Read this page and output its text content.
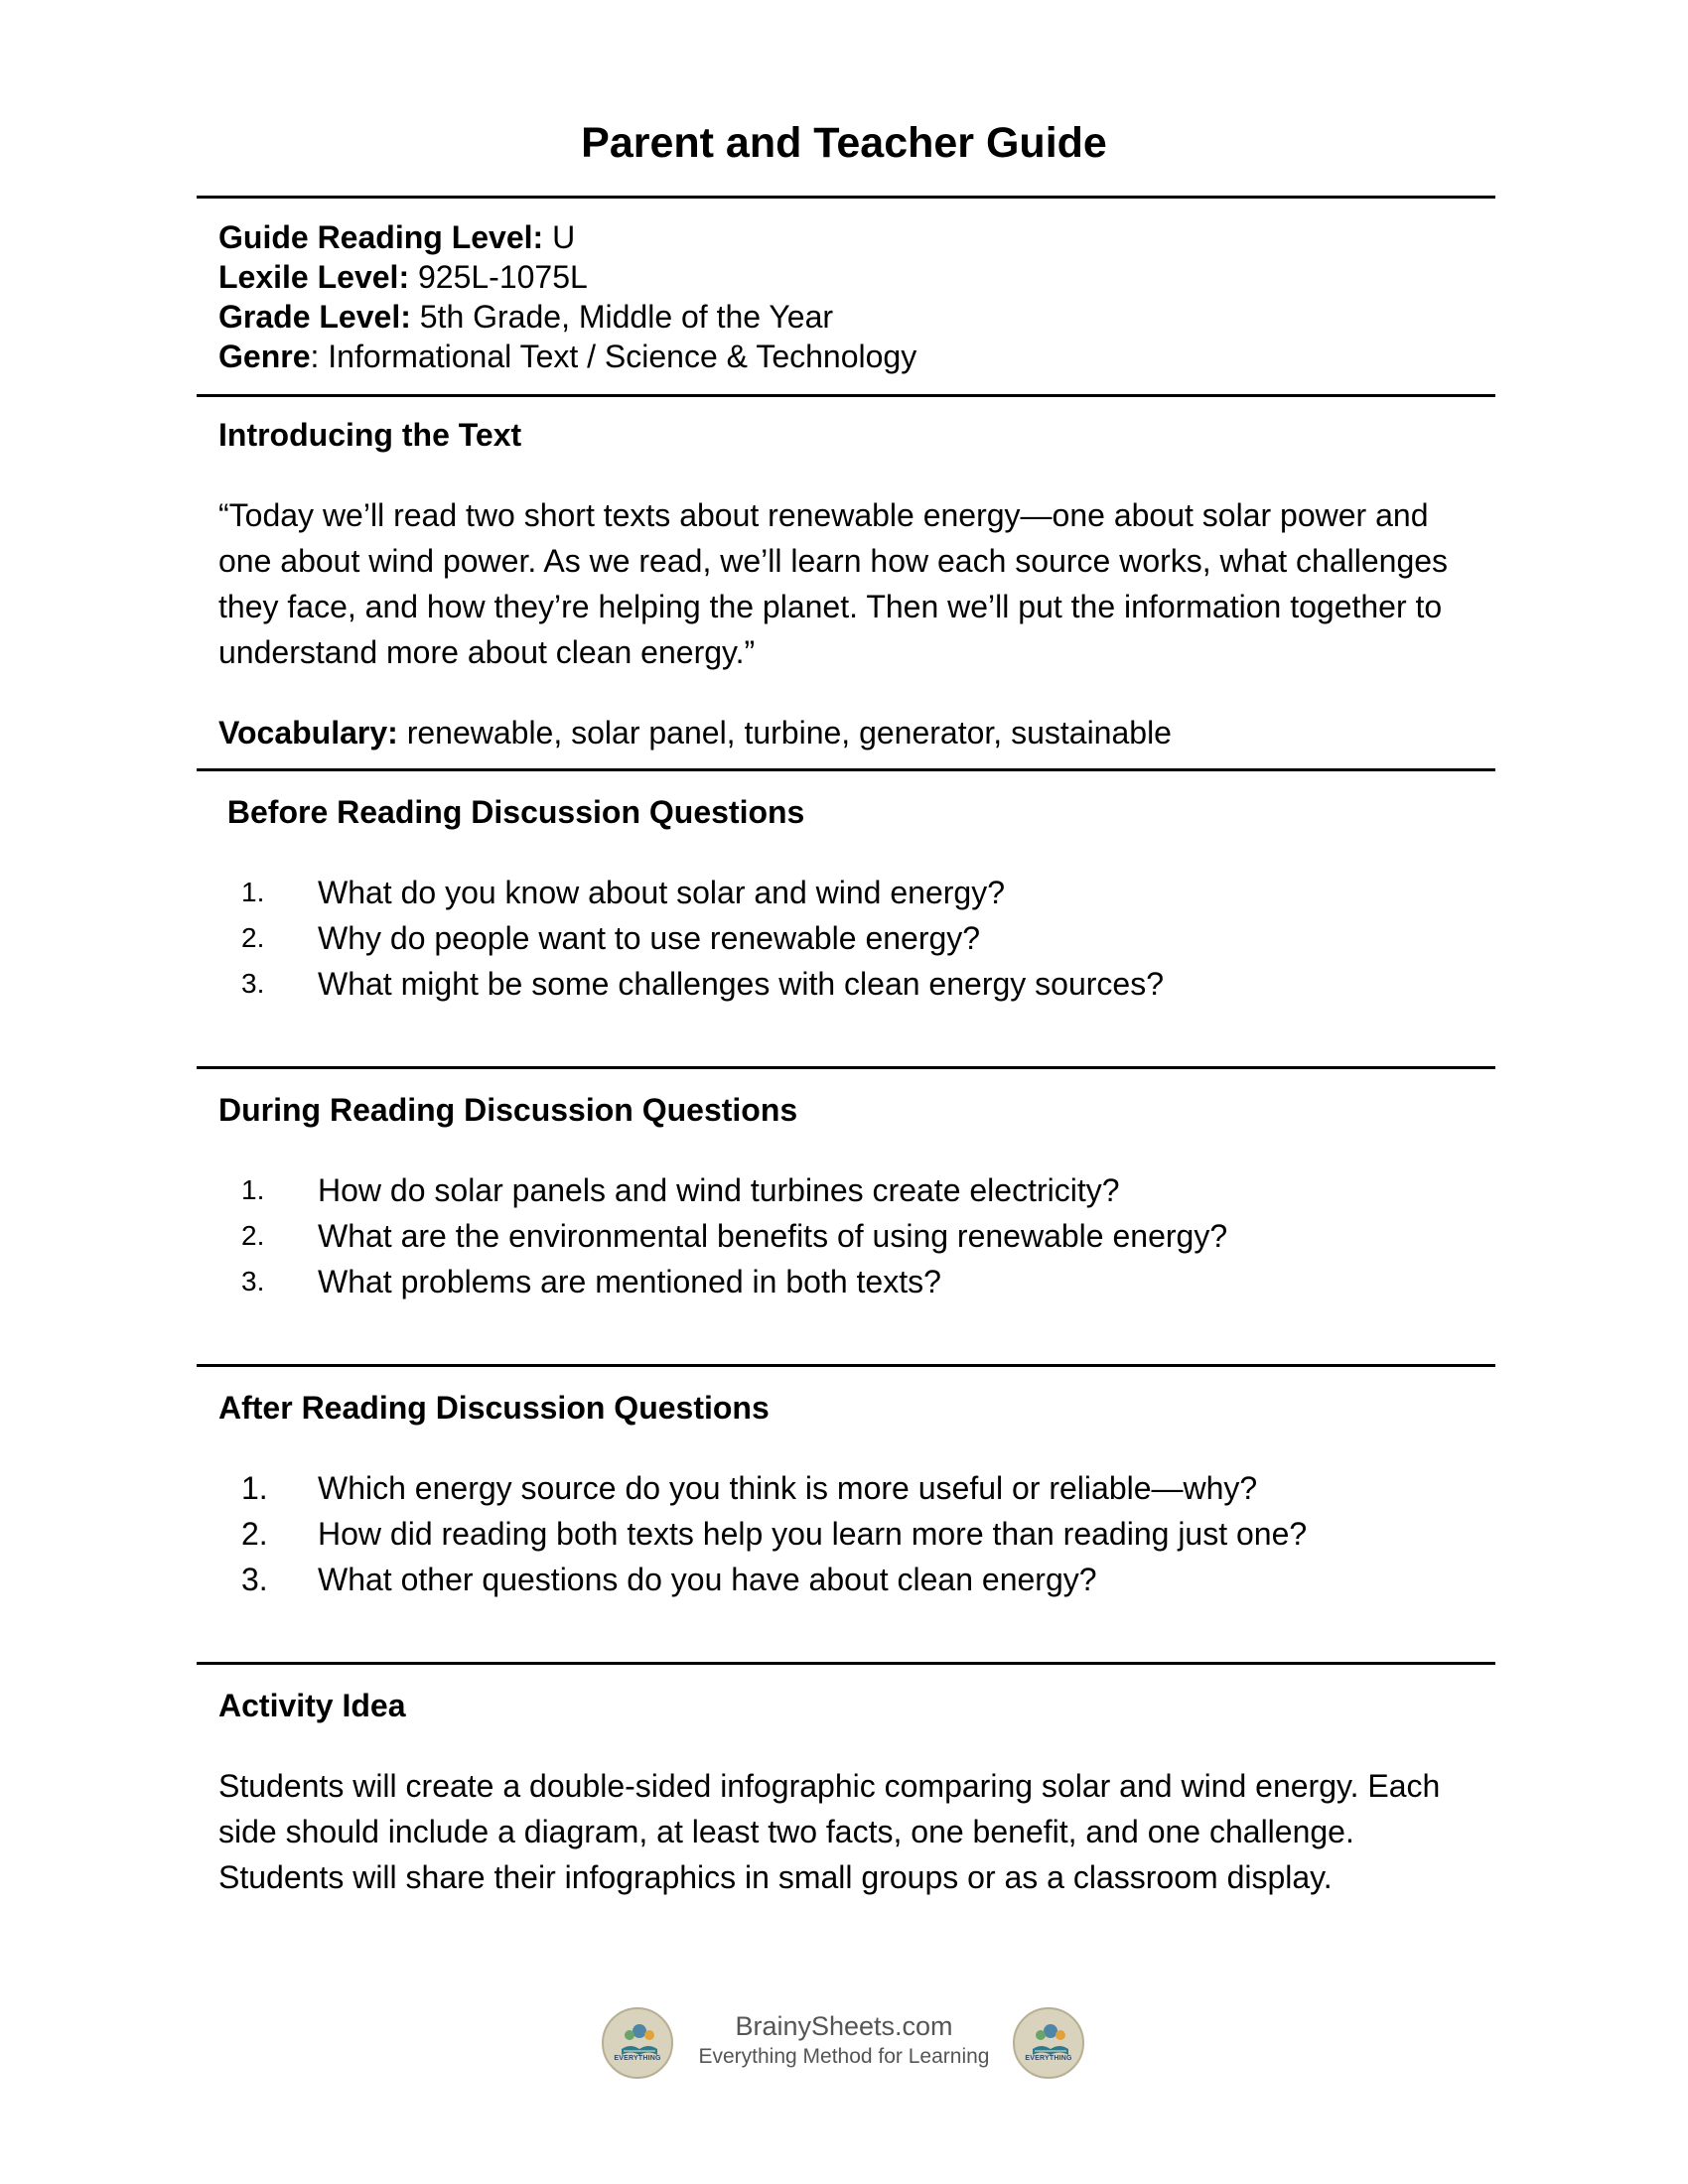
Parent and Teacher Guide
Guide Reading Level: U
Lexile Level: 925L-1075L
Grade Level: 5th Grade, Middle of the Year
Genre: Informational Text / Science & Technology
Introducing the Text

“Today we’ll read two short texts about renewable energy—one about solar power and one about wind power. As we read, we’ll learn how each source works, what challenges they face, and how they’re helping the planet. Then we’ll put the information together to understand more about clean energy.”

Vocabulary: renewable, solar panel, turbine, generator, sustainable
Before Reading Discussion Questions
1.	What do you know about solar and wind energy?
2.	Why do people want to use renewable energy?
3.	What might be some challenges with clean energy sources?
During Reading Discussion Questions
1.	How do solar panels and wind turbines create electricity?
2.	What are the environmental benefits of using renewable energy?
3.	What problems are mentioned in both texts?
After Reading Discussion Questions
1.	Which energy source do you think is more useful or reliable—why?
2.	How did reading both texts help you learn more than reading just one?
3.	What other questions do you have about clean energy?
Activity Idea

Students will create a double-sided infographic comparing solar and wind energy. Each side should include a diagram, at least two facts, one benefit, and one challenge. Students will share their infographics in small groups or as a classroom display.

EVERYTHING
BrainySheets.com
Everything Method for Learning	EVERYTHING
